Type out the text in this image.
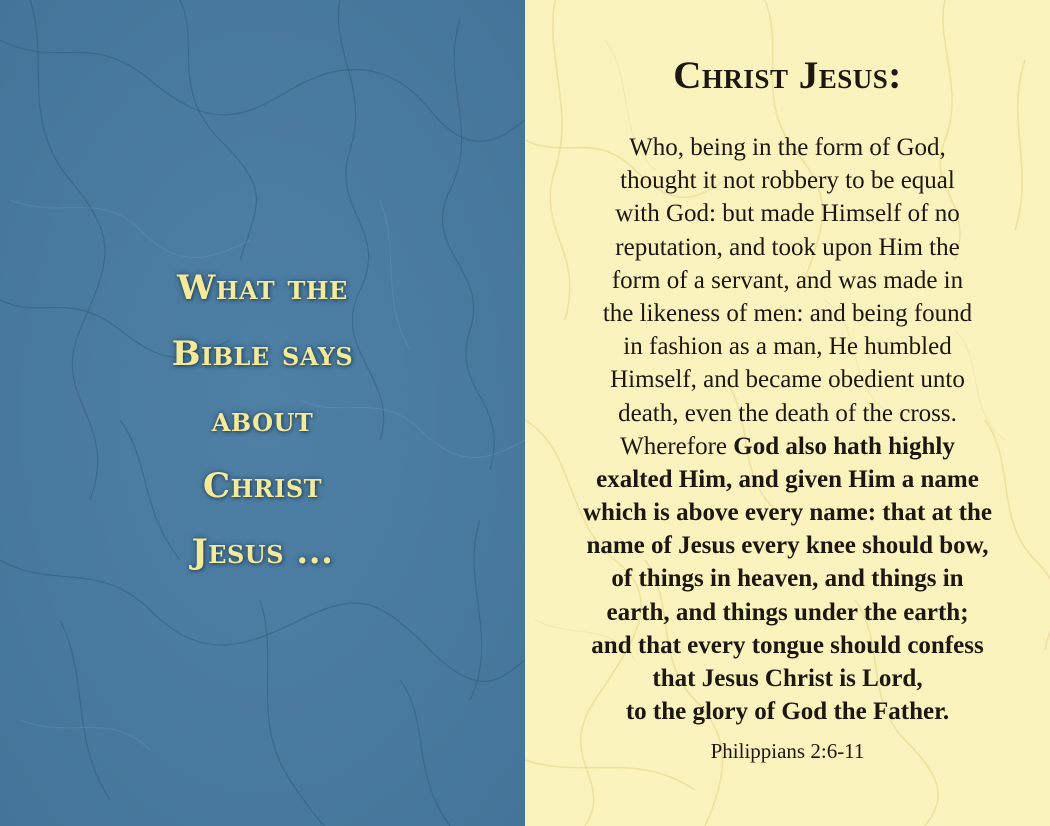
What the
Bible says
about
Christ
Jesus ...
Christ Jesus:
Who, being in the form of God,
thought it not robbery to be equal
with God: but made Himself of no
reputation, and took upon Him the
form of a servant, and was made in
the likeness of men: and being found
in fashion as a man, He humbled
Himself, and became obedient unto
death, even the death of the cross.
Wherefore God also hath highly
exalted Him, and given Him a name
which is above every name: that at the
name of Jesus every knee should bow,
of things in heaven, and things in
earth, and things under the earth;
and that every tongue should confess
that Jesus Christ is Lord,
to the glory of God the Father.
Philippians 2:6-11
